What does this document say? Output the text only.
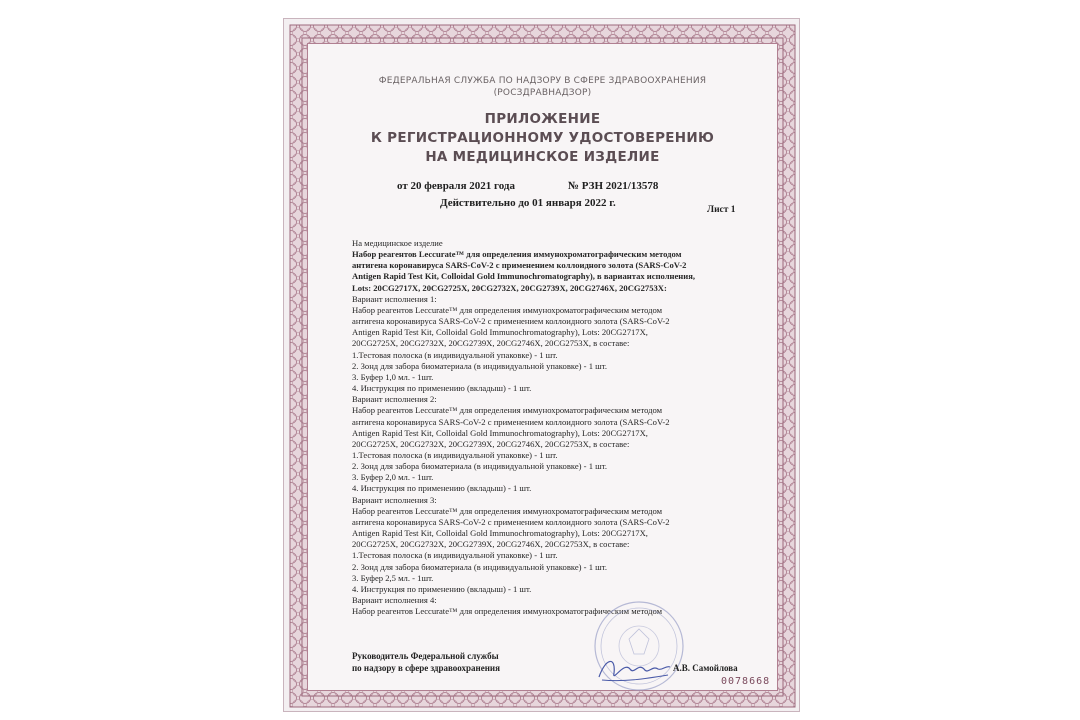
ФЕДЕРАЛЬНАЯ СЛУЖБА ПО НАДЗОРУ В СФЕРЕ ЗДРАВООХРАНЕНИЯ
(РОСЗДРАВНАДЗОР)
ПРИЛОЖЕНИЕ
К РЕГИСТРАЦИОННОМУ УДОСТОВЕРЕНИЮ
НА МЕДИЦИНСКОЕ ИЗДЕЛИЕ
от 20 февраля 2021 года	№ РЗН 2021/13578
Действительно до 01 января 2022 г.
Лист 1
На медицинское изделие
Набор реагентов Leccurate™ для определения иммунохроматографическим методом
антигена коронавируса SARS-CoV-2 с применением коллоидного золота (SARS-CoV-2
Antigen Rapid Test Kit, Colloidal Gold Immunochromatography), в вариантах исполнения,
Lots: 20CG2717X, 20CG2725X, 20CG2732X, 20CG2739X, 20CG2746X, 20CG2753X:
Вариант исполнения 1:
Набор реагентов Leccurate™ для определения иммунохроматографическим методом
антигена коронавируса SARS-CoV-2 с применением коллоидного золота (SARS-CoV-2
Antigen Rapid Test Kit, Colloidal Gold Immunochromatography), Lots: 20CG2717X,
20CG2725X, 20CG2732X, 20CG2739X, 20CG2746X, 20CG2753X, в составе:
1.Тестовая полоска (в индивидуальной упаковке) - 1 шт.
2. Зонд для забора биоматериала (в индивидуальной упаковке) - 1 шт.
3. Буфер 1,0 мл. - 1шт.
4. Инструкция по применению (вкладыш) - 1 шт.
Вариант исполнения 2:
Набор реагентов Leccurate™ для определения иммунохроматографическим методом
антигена коронавируса SARS-CoV-2 с применением коллоидного золота (SARS-CoV-2
Antigen Rapid Test Kit, Colloidal Gold Immunochromatography), Lots: 20CG2717X,
20CG2725X, 20CG2732X, 20CG2739X, 20CG2746X, 20CG2753X, в составе:
1.Тестовая полоска (в индивидуальной упаковке) - 1 шт.
2. Зонд для забора биоматериала (в индивидуальной упаковке) - 1 шт.
3. Буфер 2,0 мл. - 1шт.
4. Инструкция по применению (вкладыш) - 1 шт.
Вариант исполнения 3:
Набор реагентов Leccurate™ для определения иммунохроматографическим методом
антигена коронавируса SARS-CoV-2 с применением коллоидного золота (SARS-CoV-2
Antigen Rapid Test Kit, Colloidal Gold Immunochromatography), Lots: 20CG2717X,
20CG2725X, 20CG2732X, 20CG2739X, 20CG2746X, 20CG2753X, в составе:
1.Тестовая полоска (в индивидуальной упаковке) - 1 шт.
2. Зонд для забора биоматериала (в индивидуальной упаковке) - 1 шт.
3. Буфер 2,5 мл. - 1шт.
4. Инструкция по применению (вкладыш) - 1 шт.
Вариант исполнения 4:
Набор реагентов Leccurate™ для определения иммунохроматографическим методом
Руководитель Федеральной службы
по надзору в сфере здравоохранения	А.В. Самойлова
0078668
